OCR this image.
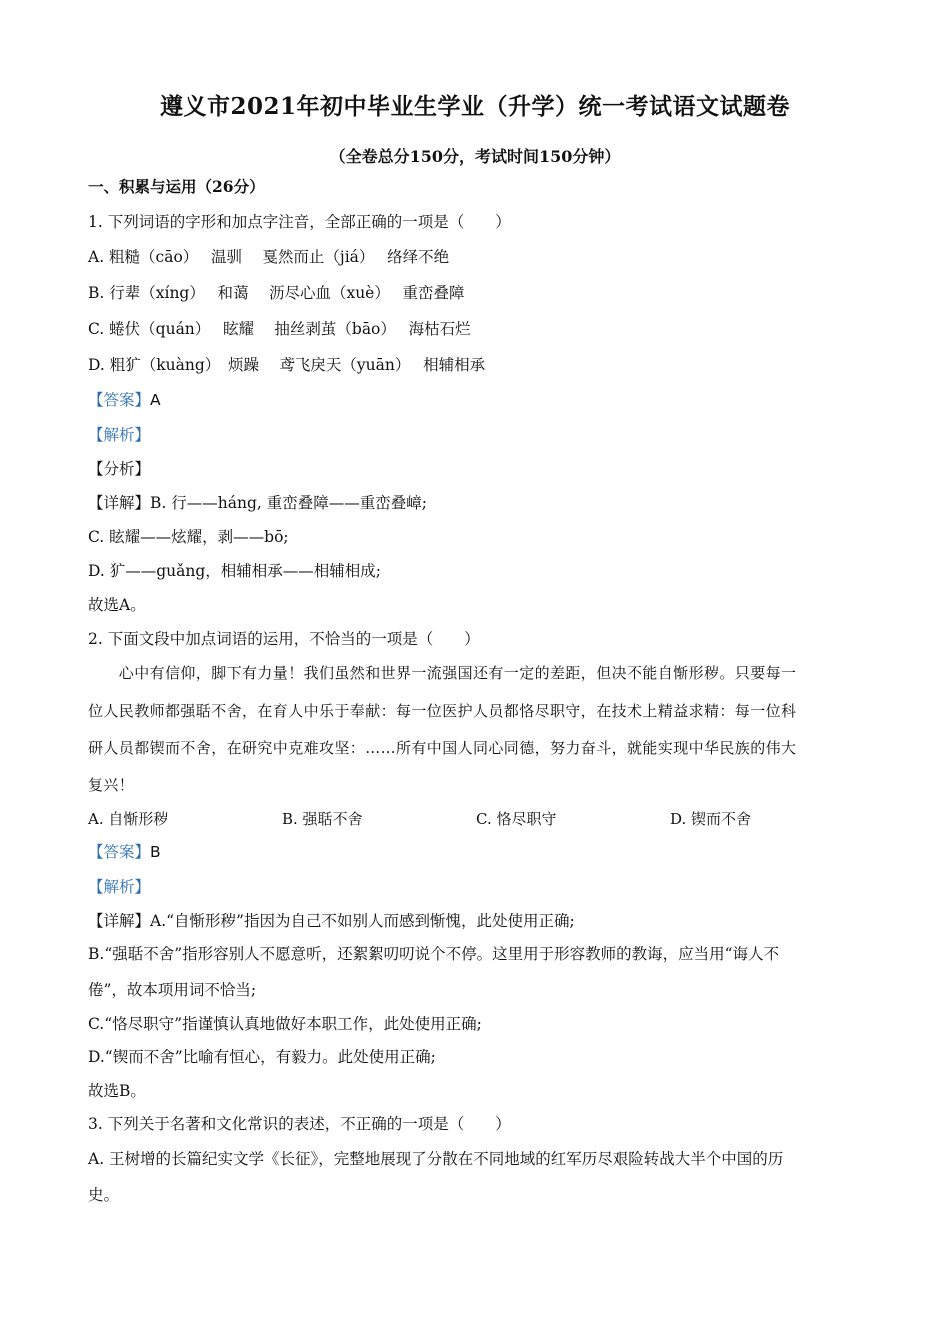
遵义市2021年初中毕业生学业（升学）统一考试语文试题卷
（全卷总分150分，考试时间150分钟）
一、积累与运用（26分）
1. 下列词语的字形和加点字注音，全部正确的一项是（　　）
A. 粗糙（cāo）　 温驯　 戛然而止（jiá）　 络绎不绝
B. 行辈（xíng）　 和蔼　 沥尽心血（xuè）　 重峦叠障
C. 蜷伏（quán）　 眩耀　 抽丝剥茧（bāo）　 海枯石烂
D. 粗犷（kuàng）　烦躁　 鸢飞戾天（yuān）　 相辅相承
【答案】A
【解析】
【分析】
【详解】B. 行——háng, 重峦叠障——重峦叠嶂;
C. 眩耀——炫耀，剥——bō;
D. 犷——guǎng，相辅相承——相辅相成;
故选A。
2. 下面文段中加点词语的运用，不恰当的一项是（　　）
　　心中有信仰，脚下有力量！我们虽然和世界一流强国还有一定的差距，但决不能自惭形秽。只要每一
位人民教师都强聒不舍，在育人中乐于奉献：每一位医护人员都恪尽职守，在技术上精益求精：每一位科
研人员都锲而不舍，在研究中克难攻坚：……所有中国人同心同德，努力奋斗，就能实现中华民族的伟大
复兴！
A. 自惭形秽	B. 强聒不舍	C. 恪尽职守	D. 锲而不舍
【答案】B
【解析】
【详解】A.“自惭形秽”指因为自己不如别人而感到惭愧，此处使用正确;
B.“强聒不舍”指形容别人不愿意听，还絮絮叨叨说个不停。这里用于形容教师的教诲，应当用“诲人不
倦”，故本项用词不恰当;
C.“恪尽职守”指谨慎认真地做好本职工作，此处使用正确;
D.“锲而不舍”比喻有恒心，有毅力。此处使用正确;
故选B。
3. 下列关于名著和文化常识的表述，不正确的一项是（　　）
A. 王树增的长篇纪实文学《长征》，完整地展现了分散在不同地域的红军历尽艰险转战大半个中国的历
史。
